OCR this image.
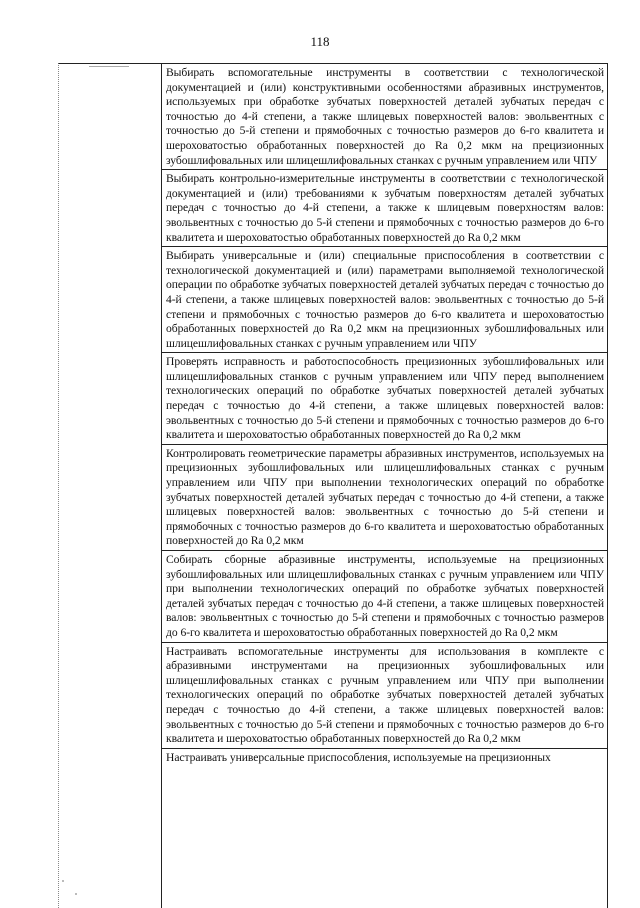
118
Выбирать вспомогательные инструменты в соответствии с технологической документацией и (или) конструктивными особенностями абразивных инструментов, используемых при обработке зубчатых поверхностей деталей зубчатых передач с точностью до 4-й степени, а также шлицевых поверхностей валов: эвольвентных с точностью до 5-й степени и прямобочных с точностью размеров до 6-го квалитета и шероховатостью обработанных поверхностей до Ra 0,2 мкм на прецизионных зубошлифовальных или шлицешлифовальных станках с ручным управлением или ЧПУ
Выбирать контрольно-измерительные инструменты в соответствии с технологической документацией и (или) требованиями к зубчатым поверхностям деталей зубчатых передач с точностью до 4-й степени, а также к шлицевым поверхностям валов: эвольвентных с точностью до 5-й степени и прямобочных с точностью размеров до 6-го квалитета и шероховатостью обработанных поверхностей до Ra 0,2 мкм
Выбирать универсальные и (или) специальные приспособления в соответствии с технологической документацией и (или) параметрами выполняемой технологической операции по обработке зубчатых поверхностей деталей зубчатых передач с точностью до 4-й степени, а также шлицевых поверхностей валов: эвольвентных с точностью до 5-й степени и прямобочных с точностью размеров до 6-го квалитета и шероховатостью обработанных поверхностей до Ra 0,2 мкм на прецизионных зубошлифовальных или шлицешлифовальных станках с ручным управлением или ЧПУ
Проверять исправность и работоспособность прецизионных зубошлифовальных или шлицешлифовальных станков с ручным управлением или ЧПУ перед выполнением технологических операций по обработке зубчатых поверхностей деталей зубчатых передач с точностью до 4-й степени, а также шлицевых поверхностей валов: эвольвентных с точностью до 5-й степени и прямобочных с точностью размеров до 6-го квалитета и шероховатостью обработанных поверхностей до Ra 0,2 мкм
Контролировать геометрические параметры абразивных инструментов, используемых на прецизионных зубошлифовальных или шлицешлифовальных станках с ручным управлением или ЧПУ при выполнении технологических операций по обработке зубчатых поверхностей деталей зубчатых передач с точностью до 4-й степени, а также шлицевых поверхностей валов: эвольвентных с точностью до 5-й степени и прямобочных с точностью размеров до 6-го квалитета и шероховатостью обработанных поверхностей до Ra 0,2 мкм
Собирать сборные абразивные инструменты, используемые на прецизионных зубошлифовальных или шлицешлифовальных станках с ручным управлением или ЧПУ при выполнении технологических операций по обработке зубчатых поверхностей деталей зубчатых передач с точностью до 4-й степени, а также шлицевых поверхностей валов: эвольвентных с точностью до 5-й степени и прямобочных с точностью размеров до 6-го квалитета и шероховатостью обработанных поверхностей до Ra 0,2 мкм
Настраивать вспомогательные инструменты для использования в комплекте с абразивными инструментами на прецизионных зубошлифовальных или шлицешлифовальных станках с ручным управлением или ЧПУ при выполнении технологических операций по обработке зубчатых поверхностей деталей зубчатых передач с точностью до 4-й степени, а также шлицевых поверхностей валов: эвольвентных с точностью до 5-й степени и прямобочных с точностью размеров до 6-го квалитета и шероховатостью обработанных поверхностей до Ra 0,2 мкм
Настраивать универсальные приспособления, используемые на прецизионных
